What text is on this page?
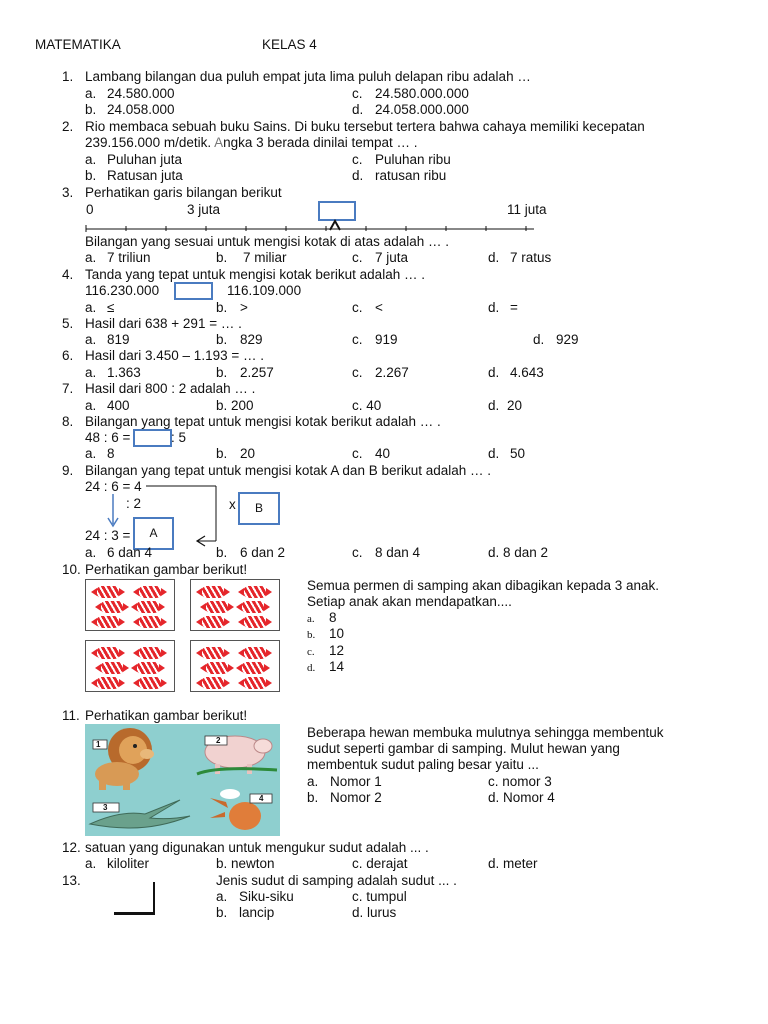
MATEMATIKA	KELAS 4
1. Lambang bilangan dua puluh empat juta lima puluh delapan ribu adalah …
a. 24.580.000
b. 24.058.000
c. 24.580.000.000
d. 24.058.000.000
2. Rio membaca sebuah buku Sains. Di buku tersebut tertera bahwa cahaya memiliki kecepatan
239.156.000 m/detik. Angka 3 berada dinilai tempat … .
a. Puluhan juta
b. Ratusan juta
c. Puluhan ribu
d. ratusan ribu
3. Perhatikan garis bilangan berikut
0	3 juta	11 juta
Bilangan yang sesuai untuk mengisi kotak di atas adalah … .
a. 7 triliun	b. 7 miliar	c. 7 juta	d. 7 ratus
4. Tanda yang tepat untuk mengisi kotak berikut adalah … .
116.230.000	116.109.000
a. ≤	b. >	c. <	d. =
5. Hasil dari 638 + 291 = … .
a. 819	b. 829	c. 919	d. 929
6. Hasil dari 3.450 – 1.193 = … .
a. 1.363	b. 2.257	c. 2.267	d. 4.643
7. Hasil dari 800 : 2 adalah … .
a. 400	b. 200	c. 40	d. 20
8. Bilangan yang tepat untuk mengisi kotak berikut adalah … .
48 : 6 =	: 5
a. 8	b. 20	c. 40	d. 50
9. Bilangan yang tepat untuk mengisi kotak A dan B berikut adalah … .
24 : 6 = 4
: 2	x	B
24 : 3 =	A
a. 6 dan 4	b. 6 dan 2	c. 8 dan 4	d. 8 dan 2
10. Perhatikan gambar berikut!
Semua permen di samping akan dibagikan kepada 3 anak.
Setiap anak akan mendapatkan....
a. 8
b. 10
c. 12
d. 14
11. Perhatikan gambar berikut!
1	2
3
4
Beberapa hewan membuka mulutnya sehingga membentuk
sudut seperti gambar di samping. Mulut hewan yang
membentuk sudut paling besar yaitu ...
a. Nomor 1
b. Nomor 2
c. nomor 3
d. Nomor 4
12. satuan yang digunakan untuk mengukur sudut adalah ... .
a. kiloliter	b. newton	c. derajat	d. meter
13.	Jenis sudut di samping adalah sudut ... .
a. Siku-siku
b. lancip
c. tumpul
d. lurus
